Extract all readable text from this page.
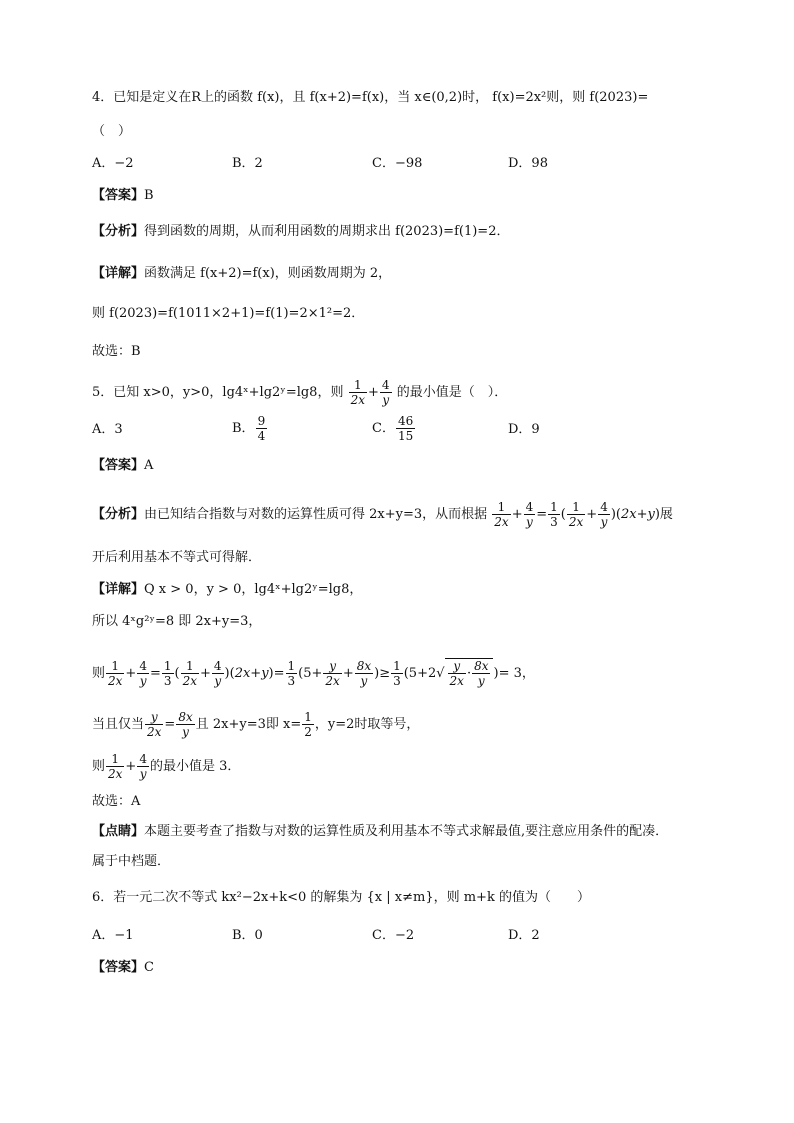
4．已知是定义在R上的函数 f(x)，且 f(x+2)=f(x)，当 x∈(0,2)时， f(x)=2x²则，则 f(2023)=
（　）
A．−2	B．2	C．−98	D．98
【答案】B
【分析】得到函数的周期，从而利用函数的周期求出 f(2023)=f(1)=2．
【详解】函数满足 f(x+2)=f(x)，则函数周期为 2，
则 f(2023)=f(1011×2+1)=f(1)=2×1²=2．
故选：B
5．已知 x>0，y>0，lg4ˣ+lg2ʸ=lg8，则 $\frac{1}{2x} + \frac{4}{y}$ 的最小值是（　）．
A．3	B． $\frac{9}{4}$	C． $\frac{46}{15}$	D．9
【答案】A
【分析】由已知结合指数与对数的运算性质可得 2x+y=3，从而根据 $\frac{1}{2x} + \frac{4}{y} = \frac{1}{3}$ ( $\frac{1}{2x} + \frac{4}{y} )(2x+y)$展
开后利用基本不等式可得解．
【详解】Q x > 0，y > 0，lg4ˣ+lg2ʸ=lg8，
所以 4ˣg²ʸ=8 即 2x+y=3，
则 $\frac{1}{2x} + \frac{4}{y} = \frac{1}{3}$ ( $\frac{1}{2x} + \frac{4}{y} )(2x+y)= \frac{1}{3} (5+ \frac{y}{2x} + \frac{8x}{y}$ )≥ $\frac{1}{3} (5+2√ \frac{y}{2x} \cdot \frac{8x}{y}$ )= 3，
当且仅当 $\frac{y}{2x} = \frac{8x}{y}$ 且 2x+y=3即 $x= \frac{1}{2}$ ，y=2时取等号，
则 $\frac{1}{2x} + \frac{4}{y}$ 的最小值是 3．
故选：A
【点睛】本题主要考查了指数与对数的运算性质及利用基本不等式求解最值,要注意应用条件的配凑．
属于中档题．
6．若一元二次不等式 kx²−2x+k<0 的解集为 {x | x≠m}，则 m+k 的值为（　　）
A．−1	B．0	C．−2	D．2
【答案】C
